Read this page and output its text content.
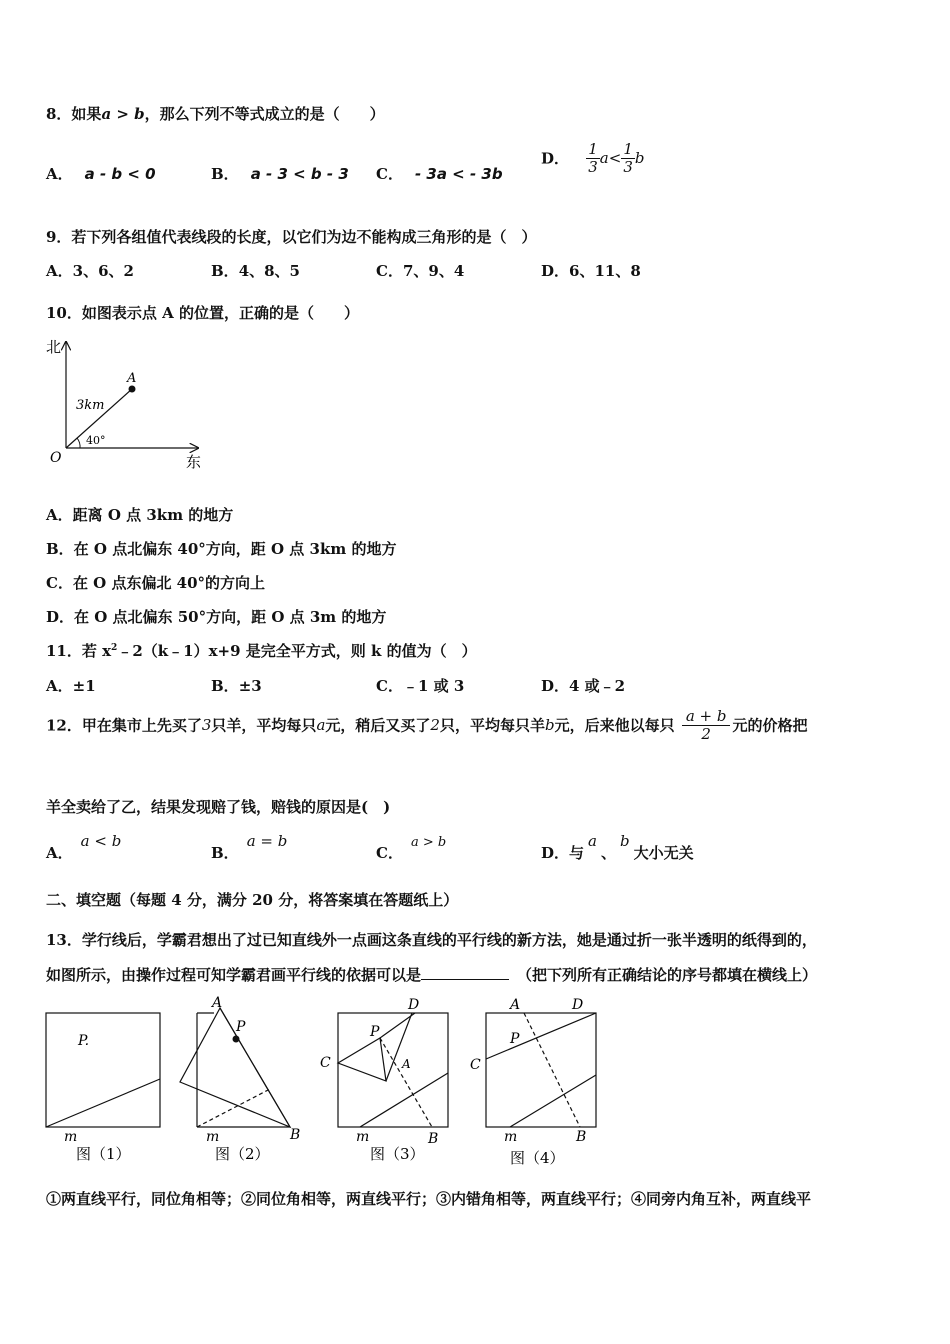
8．如果a > b，那么下列不等式成立的是（　　）
A． a - b < 0	B． a - 3 < b - 3 C． - 3a < - 3b
D． $\frac{1}{3} a< \frac{1}{3}$ b
9．若下列各组值代表线段的长度，以它们为边不能构成三角形的是（　）
A．3、6、2	B．4、8、5	C．7、9、4	D．6、11、8
10．如图表示点 A 的位置，正确的是（　　）
北
东
O
A
3km
40°
A．距离 O 点 3km 的地方
B．在 O 点北偏东 40°方向，距 O 点 3km 的地方
C．在 O 点东偏北 40°的方向上
D．在 O 点北偏东 50°方向，距 O 点 3m 的地方
11．若 $x^2﹣2(k﹣1)x+9$ 是完全平方式，则 k 的值为（　）
A．±1	B．±3	C．﹣1 或 3	D．4 或﹣2
12．甲在集市上先买了3只羊，平均每只a元，稍后又买了2只，平均每只羊b元，后来他以每只 $\frac{a + b}{2}$ 元的价格把
羊全卖给了乙，结果发现赔了钱，赔钱的原因是(　)
A．a < b
B．a = b
C．a > b
D．与a、b大小无关
二、填空题（每题 4 分，满分 20 分，将答案填在答题纸上）
13．学行线后，学霸君想出了过已知直线外一点画这条直线的平行线的新方法，她是通过折一张半透明的纸得到的，
如图所示，由操作过程可知学霸君画平行线的依据可以是	（把下列所有正确结论的序号都填在横线上）
P.
m
A
P
m	B
D
P
C	A
m	B
A	D
P
C
m	B
图（1）	图（2）	图（3）	图（4）
①两直线平行，同位角相等；②同位角相等，两直线平行；③内错角相等，两直线平行；④同旁内角互补，两直线平
